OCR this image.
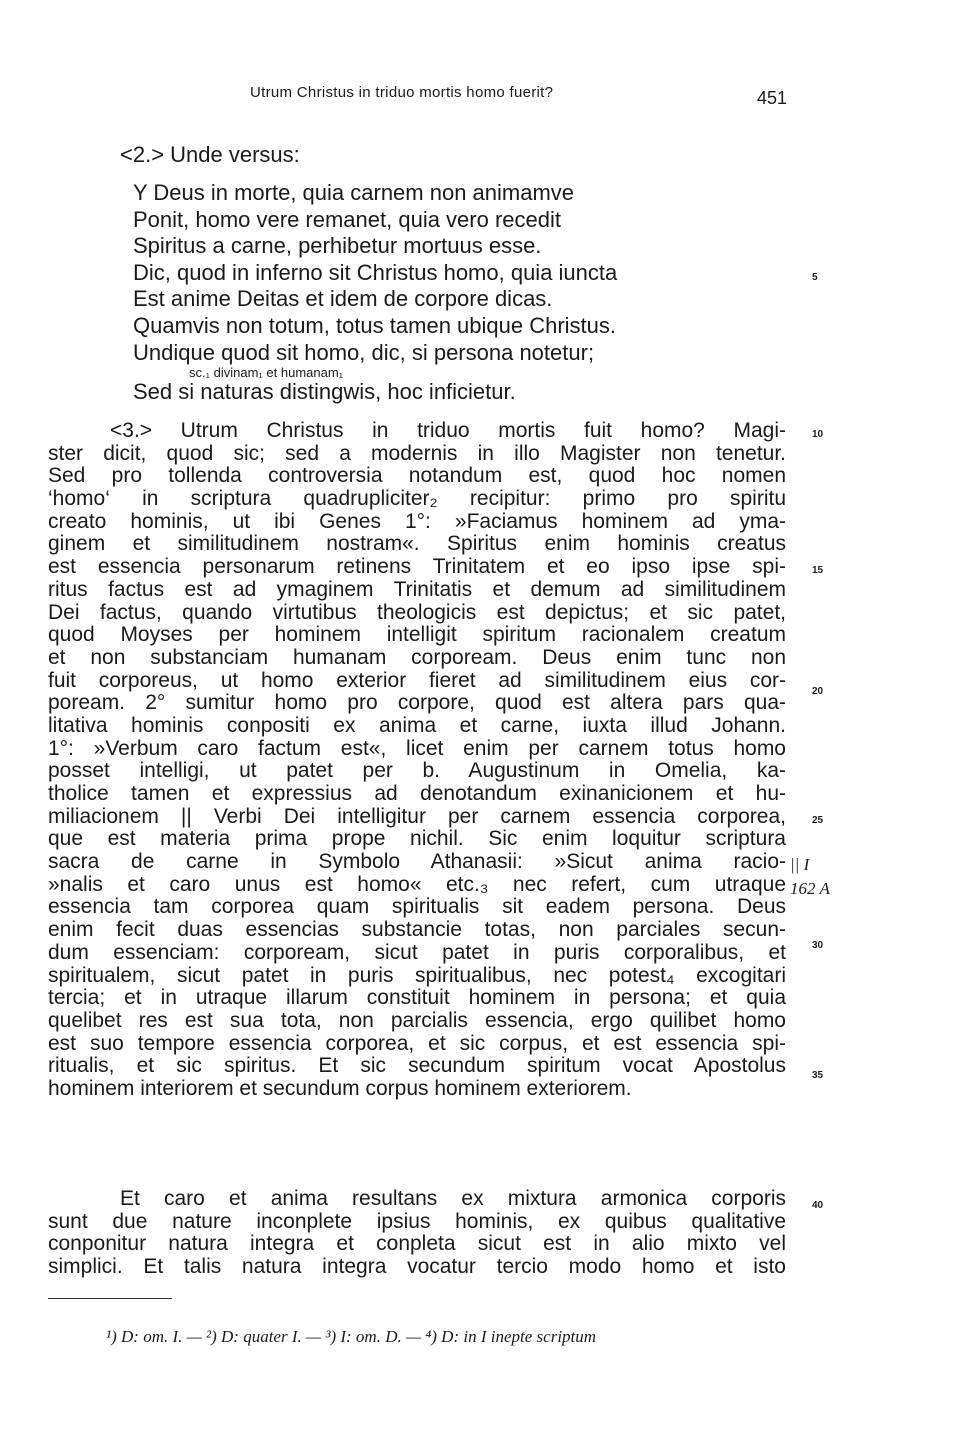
Utrum Christus in triduo mortis homo fuerit?	451
<2.> Unde versus:
Y Deus in morte, quia carnem non animamve
Ponit, homo vere remanet, quia vero recedit
Spiritus a carne, perhibetur mortuus esse.
Dic, quod in inferno sit Christus homo, quia iuncta
Est anime Deitas et idem de corpore dicas.
Quamvis non totum, totus tamen ubique Christus.
Undique quod sit homo, dic, si persona notetur;
sc.₁ divinam₁ et humanam₁
Sed si naturas distingwis, hoc inficietur.
<3.> Utrum Christus in triduo mortis fuit homo? Magi-
ster dicit, quod sic; sed a modernis in illo Magister non tenetur.
Sed pro tollenda controversia notandum est, quod hoc nomen
‘homo‘ in scriptura quadrupliciter₂ recipitur: primo pro spiritu
creato hominis, ut ibi Genes 1°: »Faciamus hominem ad yma-
ginem et similitudinem nostram«. Spiritus enim hominis creatus
est essencia personarum retinens Trinitatem et eo ipso ipse spi-
ritus factus est ad ymaginem Trinitatis et demum ad similitudinem
Dei factus, quando virtutibus theologicis est depictus; et sic patet,
quod Moyses per hominem intelligit spiritum racionalem creatum
et non substanciam humanam corpoream. Deus enim tunc non
fuit corporeus, ut homo exterior fieret ad similitudinem eius cor-
poream. 2° sumitur homo pro corpore, quod est altera pars qua-
litativa hominis conpositi ex anima et carne, iuxta illud Johann.
1°: »Verbum caro factum est«, licet enim per carnem totus homo
posset intelligi, ut patet per b. Augustinum in Omelia, ka-
tholice tamen et expressius ad denotandum exinanicionem et hu-
miliacionem || Verbi Dei intelligitur per carnem essencia corporea,
que est materia prima prope nichil. Sic enim loquitur scriptura
sacra de carne in Symbolo Athanasii: »Sicut anima racio-
»nalis et caro unus est homo« etc.₃ nec refert, cum utraque
essencia tam corporea quam spiritualis sit eadem persona. Deus
enim fecit duas essencias substancie totas, non parciales secun-
dum essenciam: corpoream, sicut patet in puris corporalibus, et
spiritualem, sicut patet in puris spiritualibus, nec potest₄ excogitari
tercia; et in utraque illarum constituit hominem in persona; et quia
quelibet res est sua tota, non parcialis essencia, ergo quilibet homo
est suo tempore essencia corporea, et sic corpus, et est essencia spi-
ritualis, et sic spiritus. Et sic secundum spiritum vocat Apostolus
hominem interiorem et secundum corpus hominem exteriorem.
Et caro et anima resultans ex mixtura armonica corporis
sunt due nature inconplete ipsius hominis, ex quibus qualitative
conponitur natura integra et conpleta sicut est in alio mixto vel
simplici. Et talis natura integra vocatur tercio modo homo et isto
5
10
15
20
25
30
35
40
|| I
162 A
¹) D: om. I. — ²) D: quater I. — ³) I: om. D. — ⁴) D: in I inepte scriptum
